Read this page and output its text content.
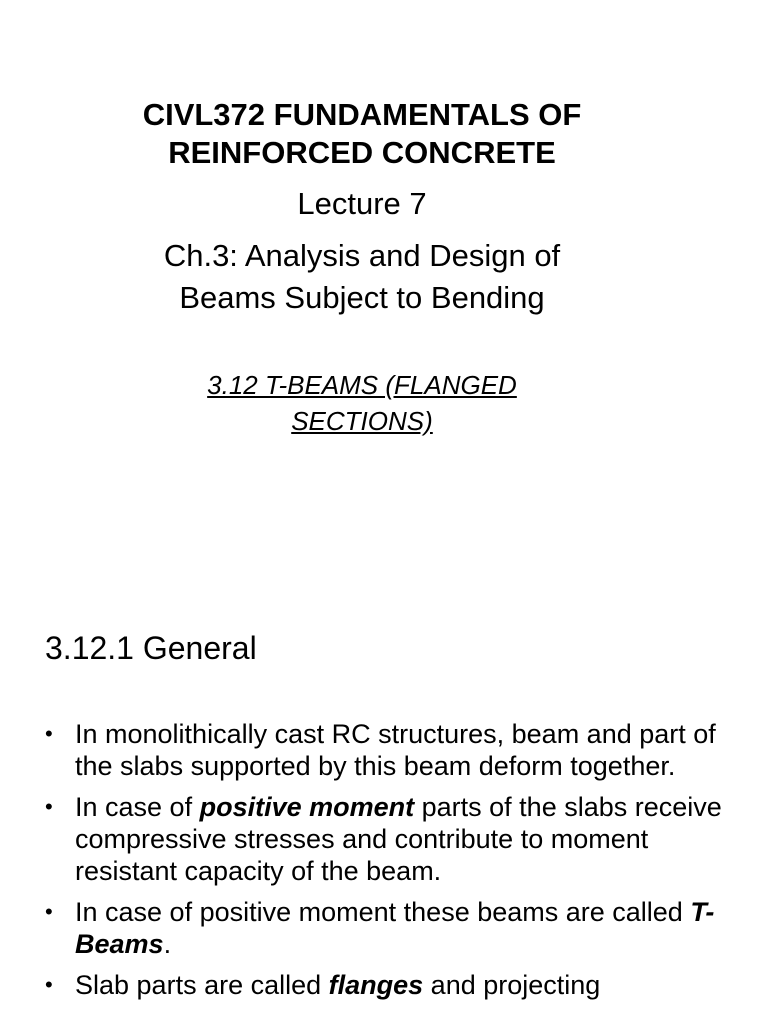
CIVL372 FUNDAMENTALS OF
REINFORCED CONCRETE
Lecture 7
Ch.3: Analysis and Design of
Beams Subject to Bending
3.12 T-BEAMS (FLANGED
SECTIONS)
3.12.1 General
• In monolithically cast RC structures, beam and part of the slabs supported by this beam deform together.
• In case of positive moment parts of the slabs receive compressive stresses and contribute to moment resistant capacity of the beam.
• In case of positive moment these beams are called T-Beams.
• Slab parts are called flanges and projecting
